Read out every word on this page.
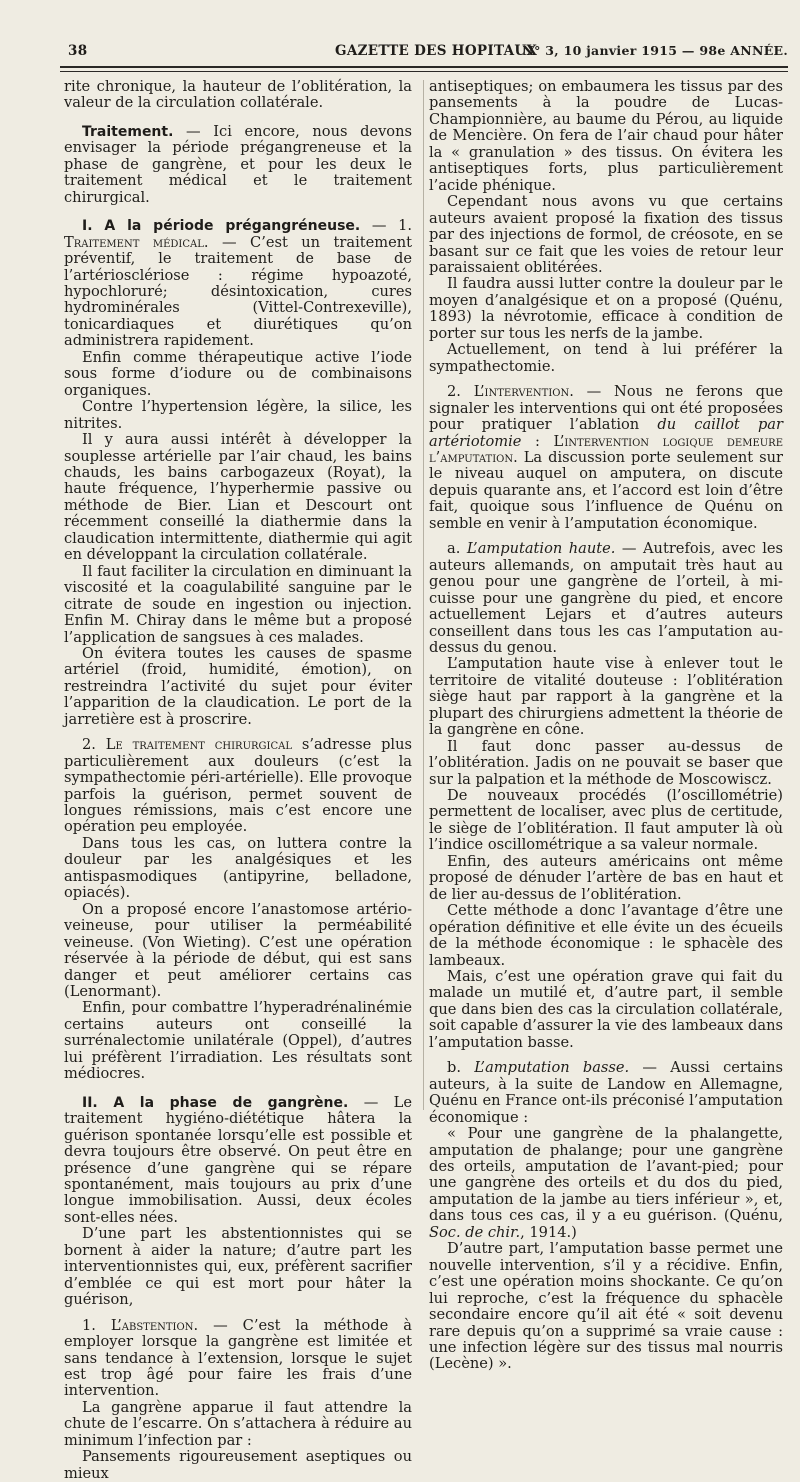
38	GAZETTE DES HOPITAUX
N° 3, 10 janvier 1915 — 98e ANNÉE.

rite chronique, la hauteur de l’oblitération, la valeur de la circulation collatérale.

Traitement. — Ici encore, nous devons envisager la période prégangreneuse et la phase de gangrène, et pour les deux le traitement médical et le traitement chirurgical.

I. A la période prégangréneuse. — 1. Traitement médical. — C’est un traitement préventif, le traitement de base de l’artériosclériose : régime hypoazoté, hypochloruré; désintoxication, cures hydrominérales (Vittel-Contrexeville), tonicardiaques et diurétiques qu’on administrera rapidement.

Enfin comme thérapeutique active l’iode sous forme d’iodure ou de combinaisons organiques.

Contre l’hypertension légère, la silice, les nitrites.

Il y aura aussi intérêt à développer la souplesse artérielle par l’air chaud, les bains chauds, les bains carbogazeux (Royat), la haute fréquence, l’hyperhermie passive ou méthode de Bier. Lian et Descourt ont récemment conseillé la diathermie dans la claudication intermittente, diathermie qui agit en développant la circulation collatérale.

Il faut faciliter la circulation en diminuant la viscosité et la coagulabilité sanguine par le citrate de soude en ingestion ou injection. Enfin M. Chiray dans le même but a proposé l’application de sangsues à ces malades.

On évitera toutes les causes de spasme artériel (froid, humidité, émotion), on restreindra l’activité du sujet pour éviter l’apparition de la claudication. Le port de la jarretière est à proscrire.

2. Le traitement chirurgical s’adresse plus particulièrement aux douleurs (c’est la sympathectomie péri-artérielle). Elle provoque parfois la guérison, permet souvent de longues rémissions, mais c’est encore une opération peu employée.

Dans tous les cas, on luttera contre la douleur par les analgésiques et les antispasmodiques (antipyrine, belladone, opiacés).

On a proposé encore l’anastomose artério-veineuse, pour utiliser la perméabilité veineuse. (Von Wieting). C’est une opération réservée à la période de début, qui est sans danger et peut améliorer certains cas (Lenormant).

Enfin, pour combattre l’hyperadrénalinémie certains auteurs ont conseillé la surrénalectomie unilatérale (Oppel), d’autres lui préfèrent l’irradiation. Les résultats sont médiocres.

II. A la phase de gangrène. — Le traitement hygiéno-diététique hâtera la guérison spontanée lorsqu’elle est possible et devra toujours être observé. On peut être en présence d’une gangrène qui se répare spontanément, mais toujours au prix d’une longue immobilisation. Aussi, deux écoles sont-elles nées.

D’une part les abstentionnistes qui se bornent à aider la nature; d’autre part les interventionnistes qui, eux, préfèrent sacrifier d’emblée ce qui est mort pour hâter la guérison,

1. L’abstention. — C’est la méthode à employer lorsque la gangrène est limitée et sans tendance à l’extension, lorsque le sujet est trop âgé pour faire les frais d’une intervention.

La gangrène apparue il faut attendre la chute de l’escarre. On s’attachera à réduire au minimum l’infection par :

Pansements rigoureusement aseptiques ou mieux

antiseptiques; on embaumera les tissus par des pansements à la poudre de Lucas-Championnière, au baume du Pérou, au liquide de Mencière. On fera de l’air chaud pour hâter la « granulation » des tissus. On évitera les antiseptiques forts, plus particulièrement l’acide phénique.

Cependant nous avons vu que certains auteurs avaient proposé la fixation des tissus par des injections de formol, de créosote, en se basant sur ce fait que les voies de retour leur paraissaient oblitérées.

Il faudra aussi lutter contre la douleur par le moyen d’analgésique et on a proposé (Quénu, 1893) la névrotomie, efficace à condition de porter sur tous les nerfs de la jambe.

Actuellement, on tend à lui préférer la sympathectomie.

2. L’intervention. — Nous ne ferons que signaler les interventions qui ont été proposées pour pratiquer l’ablation du caillot par artériotomie : L’intervention logique demeure l’amputation. La discussion porte seulement sur le niveau auquel on amputera, on discute depuis quarante ans, et l’accord est loin d’être fait, quoique sous l’influence de Quénu on semble en venir à l’amputation économique.

a. L’amputation haute. — Autrefois, avec les auteurs allemands, on amputait très haut au genou pour une gangrène de l’orteil, à mi-cuisse pour une gangrène du pied, et encore actuellement Lejars et d’autres auteurs conseillent dans tous les cas l’amputation au-dessus du genou.

L’amputation haute vise à enlever tout le territoire de vitalité douteuse : l’oblitération siège haut par rapport à la gangrène et la plupart des chirurgiens admettent la théorie de la gangrène en cône.

Il faut donc passer au-dessus de l’oblitération. Jadis on ne pouvait se baser que sur la palpation et la méthode de Moscowiscz.

De nouveaux procédés (l’oscillométrie) permettent de localiser, avec plus de certitude, le siège de l’oblitération. Il faut amputer là où l’indice oscillométrique a sa valeur normale.

Enfin, des auteurs américains ont même proposé de dénuder l’artère de bas en haut et de lier au-dessus de l’oblitération.

Cette méthode a donc l’avantage d’être une opération définitive et elle évite un des écueils de la méthode économique : le sphacèle des lambeaux.

Mais, c’est une opération grave qui fait du malade un mutilé et, d’autre part, il semble que dans bien des cas la circulation collatérale, soit capable d’assurer la vie des lambeaux dans l’amputation basse.

b. L’amputation basse. — Aussi certains auteurs, à la suite de Landow en Allemagne, Quénu en France ont-ils préconisé l’amputation économique :

« Pour une gangrène de la phalangette, amputation de phalange; pour une gangrène des orteils, amputation de l’avant-pied; pour une gangrène des orteils et du dos du pied, amputation de la jambe au tiers inférieur », et, dans tous ces cas, il y a eu guérison. (Quénu, Soc. de chir., 1914.)

D’autre part, l’amputation basse permet une nouvelle intervention, s’il y a récidive. Enfin, c’est une opération moins shockante. Ce qu’on lui reproche, c’est la fréquence du sphacèle secondaire encore qu’il ait été « soit devenu rare depuis qu’on a supprimé sa vraie cause : une infection légère sur des tissus mal nourris (Lecène) ».
